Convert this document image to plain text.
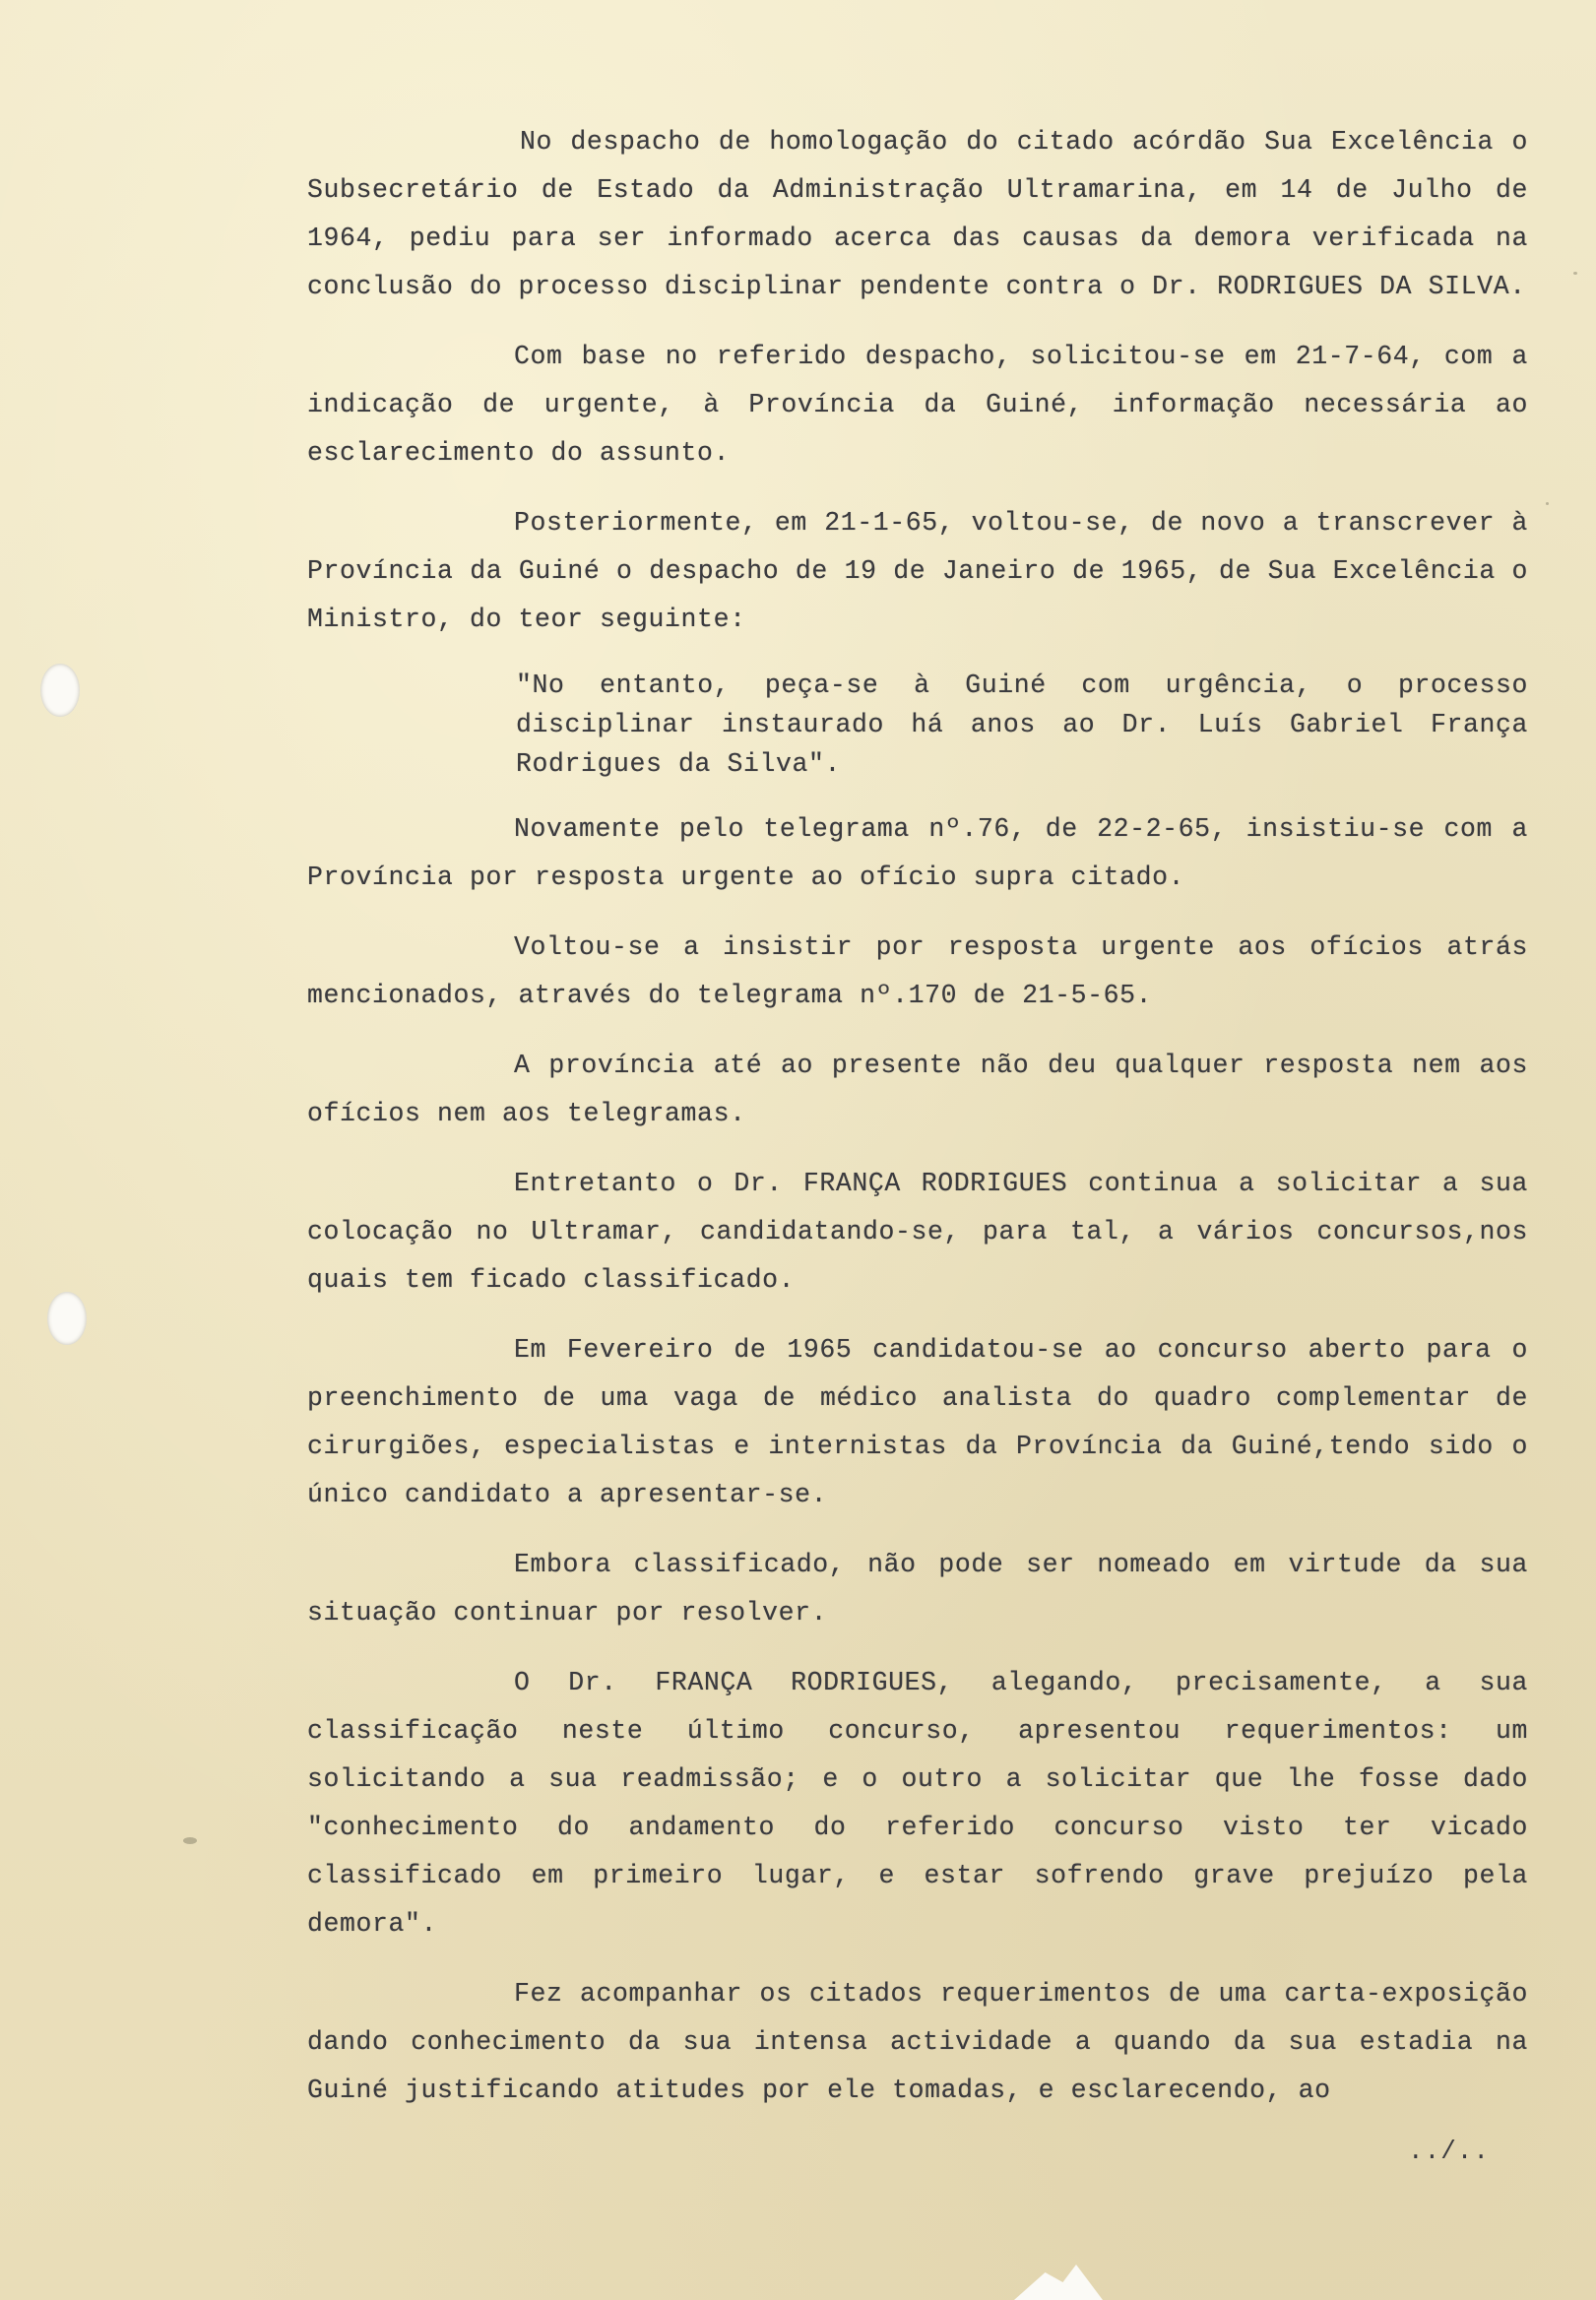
No despacho de homologação do citado acórdão Sua Excelência o Subsecretário de Estado da Administração Ultramarina, em 14 de Julho de 1964, pediu para ser informado acerca das causas da demora verificada na conclusão do processo disciplinar pendente contra o Dr. RODRIGUES DA SILVA.

Com base no referido despacho, solicitou-se em 21-7-64, com a indicação de urgente, à Província da Guiné, informação necessária ao esclarecimento do assunto.

Posteriormente, em 21-1-65, voltou-se, de novo a transcrever à Província da Guiné o despacho de 19 de Janeiro de 1965, de Sua Excelência o Ministro, do teor seguinte:

"No entanto, peça-se à Guiné com urgência, o processo disciplinar instaurado há anos ao Dr. Luís Gabriel França Rodrigues da Silva".

Novamente pelo telegrama nº.76, de 22-2-65, insistiu-se com a Província por resposta urgente ao ofício supra citado.

Voltou-se a insistir por resposta urgente aos ofícios atrás mencionados, através do telegrama nº.170 de 21-5-65.

A província até ao presente não deu qualquer resposta nem aos ofícios nem aos telegramas.

Entretanto o Dr. FRANÇA RODRIGUES continua a solicitar a sua colocação no Ultramar, candidatando-se, para tal, a vários concursos,nos quais tem ficado classificado.

Em Fevereiro de 1965 candidatou-se ao concurso aberto para o preenchimento de uma vaga de médico analista do quadro complementar de cirurgiões, especialistas e internistas da Província da Guiné,tendo sido o único candidato a apresentar-se.

Embora classificado, não pode ser nomeado em virtude da sua situação continuar por resolver.

O Dr. FRANÇA RODRIGUES, alegando, precisamente, a sua classificação neste último concurso, apresentou requerimentos: um solicitando a sua readmissão; e o outro a solicitar que lhe fosse dado "conhecimento do andamento do referido concurso visto ter vicado classificado em primeiro lugar, e estar sofrendo grave prejuízo pela demora".

Fez acompanhar os citados requerimentos de uma carta-exposição dando conhecimento da sua intensa actividade a quando da sua estadia na Guiné justificando atitudes por ele tomadas, e esclarecendo, ao

../..
